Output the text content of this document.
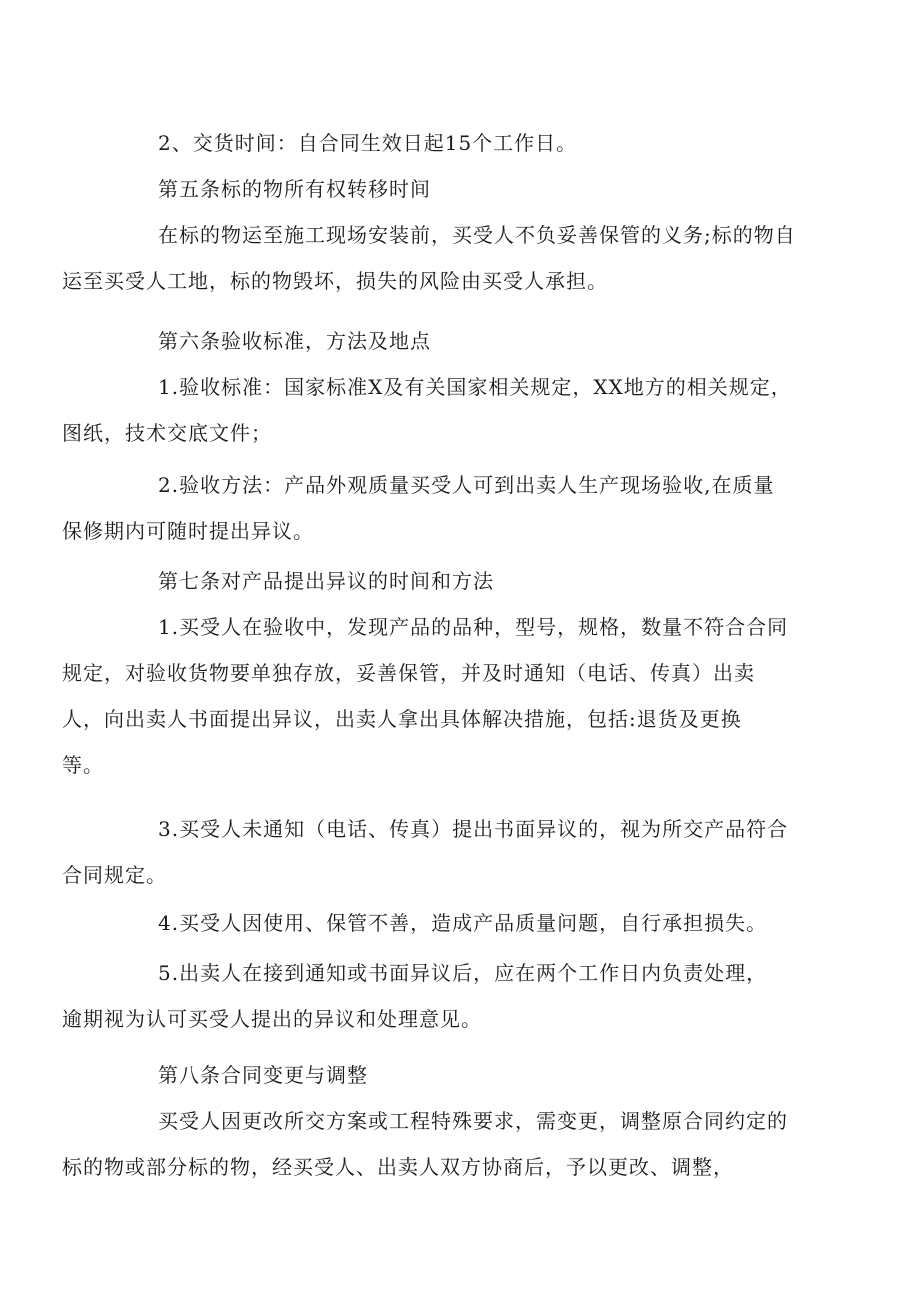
2、交货时间：自合同生效日起15个工作日。
第五条标的物所有权转移时间
在标的物运至施工现场安装前，买受人不负妥善保管的义务;标的物自
运至买受人工地，标的物毁坏，损失的风险由买受人承担。
第六条验收标准，方法及地点
1.验收标准：国家标准X及有关国家相关规定，XX地方的相关规定，
图纸，技术交底文件；
2.验收方法：产品外观质量买受人可到出卖人生产现场验收,在质量
保修期内可随时提出异议。
第七条对产品提出异议的时间和方法
1.买受人在验收中，发现产品的品种，型号，规格，数量不符合合同
规定，对验收货物要单独存放，妥善保管，并及时通知（电话、传真）出卖
人，向出卖人书面提出异议，出卖人拿出具体解决措施，包括:退货及更换
等。
3.买受人未通知（电话、传真）提出书面异议的，视为所交产品符合
合同规定。
4.买受人因使用、保管不善，造成产品质量问题，自行承担损失。
5.出卖人在接到通知或书面异议后，应在两个工作日内负责处理，
逾期视为认可买受人提出的异议和处理意见。
第八条合同变更与调整
买受人因更改所交方案或工程特殊要求，需变更，调整原合同约定的
标的物或部分标的物，经买受人、出卖人双方协商后，予以更改、调整，
